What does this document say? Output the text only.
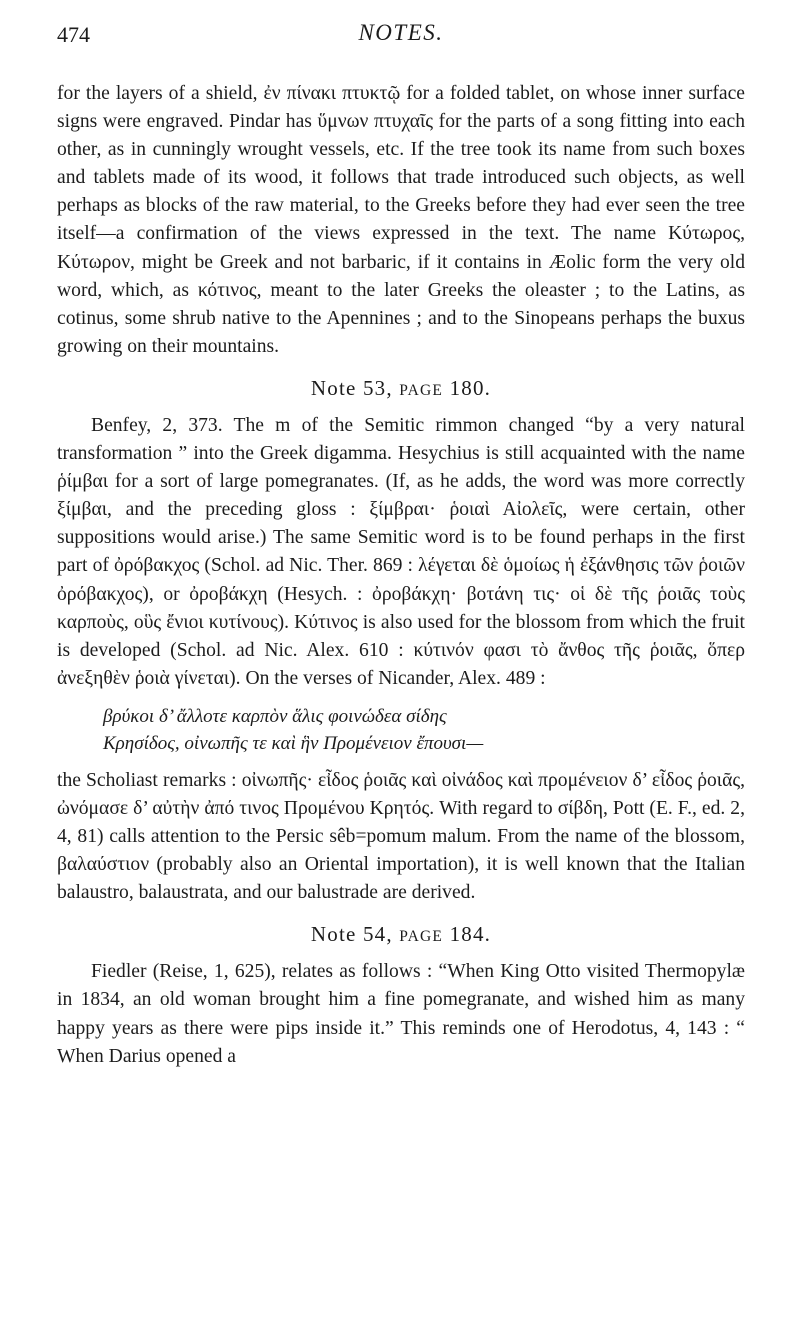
474	NOTES.

for the layers of a shield, ἐν πίνακι πτυκτῷ for a folded tablet, on whose inner surface signs were engraved. Pindar has ὕμνων πτυχαῖς for the parts of a song fitting into each other, as in cunningly wrought vessels, etc. If the tree took its name from such boxes and tablets made of its wood, it follows that trade introduced such objects, as well perhaps as blocks of the raw material, to the Greeks before they had ever seen the tree itself—a confirmation of the views expressed in the text. The name Κύτωρος, Κύτωρον, might be Greek and not barbaric, if it contains in Æolic form the very old word, which, as κότινος, meant to the later Greeks the oleaster ; to the Latins, as cotinus, some shrub native to the Apennines ; and to the Sinopeans perhaps the buxus growing on their mountains.

Note 53, PAGE 180.

Benfey, 2, 373. The m of the Semitic rimmon changed “by a very natural transformation ” into the Greek digamma. Hesychius is still acquainted with the name ῥίμβαι for a sort of large pomegranates. (If, as he adds, the word was more correctly ξίμβαι, and the preceding gloss : ξίμβραι· ῥοιαὶ Αἰολεῖς, were certain, other suppositions would arise.) The same Semitic word is to be found perhaps in the first part of ὀρόβακχος (Schol. ad Nic. Ther. 869 : λέγεται δὲ ὁμοίως ἡ ἐξάνθησις τῶν ῥοιῶν ὀρόβακχος), or ὀροβάκχη (Hesych. : ὀροβάκχη· βοτάνη τις· οἱ δὲ τῆς ῥοιᾶς τοὺς καρποὺς, οὓς ἔνιοι κυτίνους). Κύτινος is also used for the blossom from which the fruit is developed (Schol. ad Nic. Alex. 610 : κύτινόν φασι τὸ ἄνθος τῆς ῥοιᾶς, ὅπερ ἀνεξηθὲν ῥοιὰ γίνεται). On the verses of Nicander, Alex. 489 :

βρύκοι δ’ ἄλλοτε καρπὸν ἅλις φοινώδεα σίδης
Κρησίδος, οἰνωπῆς τε καὶ ἣν Προμένειον ἔπουσι—

the Scholiast remarks : οἰνωπῆς· εἶδος ῥοιᾶς καὶ οἰνάδος καὶ προμένειον δ’ εἶδος ῥοιᾶς, ὠνόμασε δ’ αὐτὴν ἀπό τινος Προμένου Κρητός. With regard to σίβδη, Pott (E. F., ed. 2, 4, 81) calls attention to the Persic sêb=pomum malum. From the name of the blossom, βαλαύστιον (probably also an Oriental importation), it is well known that the Italian balaustro, balaustrata, and our balustrade are derived.

Note 54, PAGE 184.

Fiedler (Reise, 1, 625), relates as follows : “When King Otto visited Thermopylæ in 1834, an old woman brought him a fine pomegranate, and wished him as many happy years as there were pips inside it.” This reminds one of Herodotus, 4, 143 : “ When Darius opened a
